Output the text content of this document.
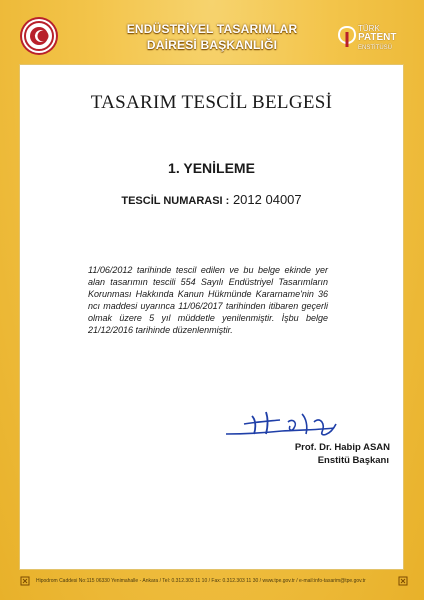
ENDÜSTRİYEL TASARIMLAR
DAİRESİ BAŞKANLIĞI
TÜRK
PATENT
ENSTİTÜSÜ
TASARIM TESCİL BELGESİ
1. YENİLEME
TESCİL NUMARASI : 2012 04007
11/06/2012 tarihinde tescil edilen ve bu belge ekinde yer alan tasarımın tescili 554 Sayılı Endüstriyel Tasarımların Korunması Hakkında Kanun Hükmünde Kararname'nin 36 ncı maddesi uyarınca 11/06/2017 tarihinden itibaren geçerli olmak üzere 5 yıl müddetle yenilenmiştir. İşbu belge 21/12/2016 tarihinde düzenlenmiştir.
Prof. Dr. Habip ASAN
Enstitü Başkanı
Hipodrom Caddesi No:115 06330 Yenimahalle - Ankara / Tel: 0.312.303 11 10 / Fax: 0.312.303 11 30 / www.tpe.gov.tr / e-mail:info-tasarim@tpe.gov.tr
